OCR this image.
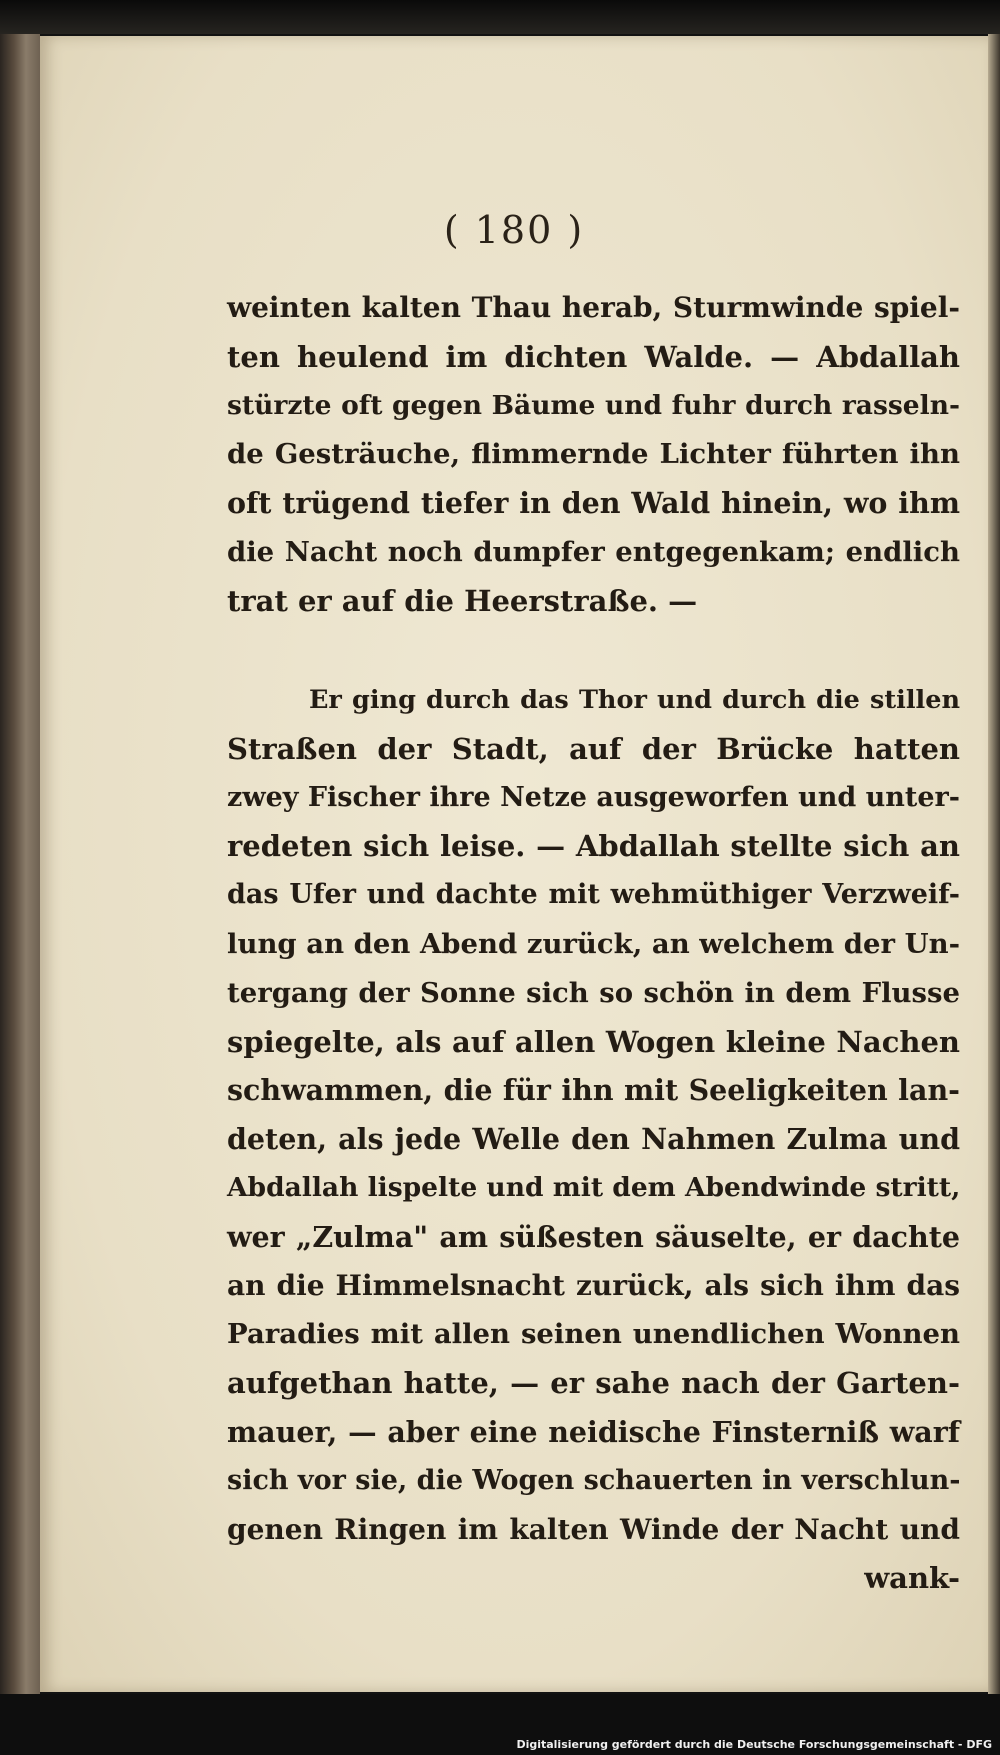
( 180 )
weinten kalten Thau herab, Sturmwinde spiel-
ten heulend im dichten Walde. — Abdallah
stürzte oft gegen Bäume und fuhr durch rasseln-
de Gesträuche, flimmernde Lichter führten ihn
oft trügend tiefer in den Wald hinein, wo ihm
die Nacht noch dumpfer entgegenkam; endlich
trat er auf die Heerstraße. —
Er ging durch das Thor und durch die stillen
Straßen der Stadt, auf der Brücke hatten
zwey Fischer ihre Netze ausgeworfen und unter-
redeten sich leise. — Abdallah stellte sich an
das Ufer und dachte mit wehmüthiger Verzweif-
lung an den Abend zurück, an welchem der Un-
tergang der Sonne sich so schön in dem Flusse
spiegelte, als auf allen Wogen kleine Nachen
schwammen, die für ihn mit Seeligkeiten lan-
deten, als jede Welle den Nahmen Zulma und
Abdallah lispelte und mit dem Abendwinde stritt,
wer „Zulma" am süßesten säuselte, er dachte
an die Himmelsnacht zurück, als sich ihm das
Paradies mit allen seinen unendlichen Wonnen
aufgethan hatte, — er sahe nach der Garten-
mauer, — aber eine neidische Finsterniß warf
sich vor sie, die Wogen schauerten in verschlun-
genen Ringen im kalten Winde der Nacht und
wank-
Digitalisierung gefördert durch die Deutsche Forschungsgemeinschaft - DFG
